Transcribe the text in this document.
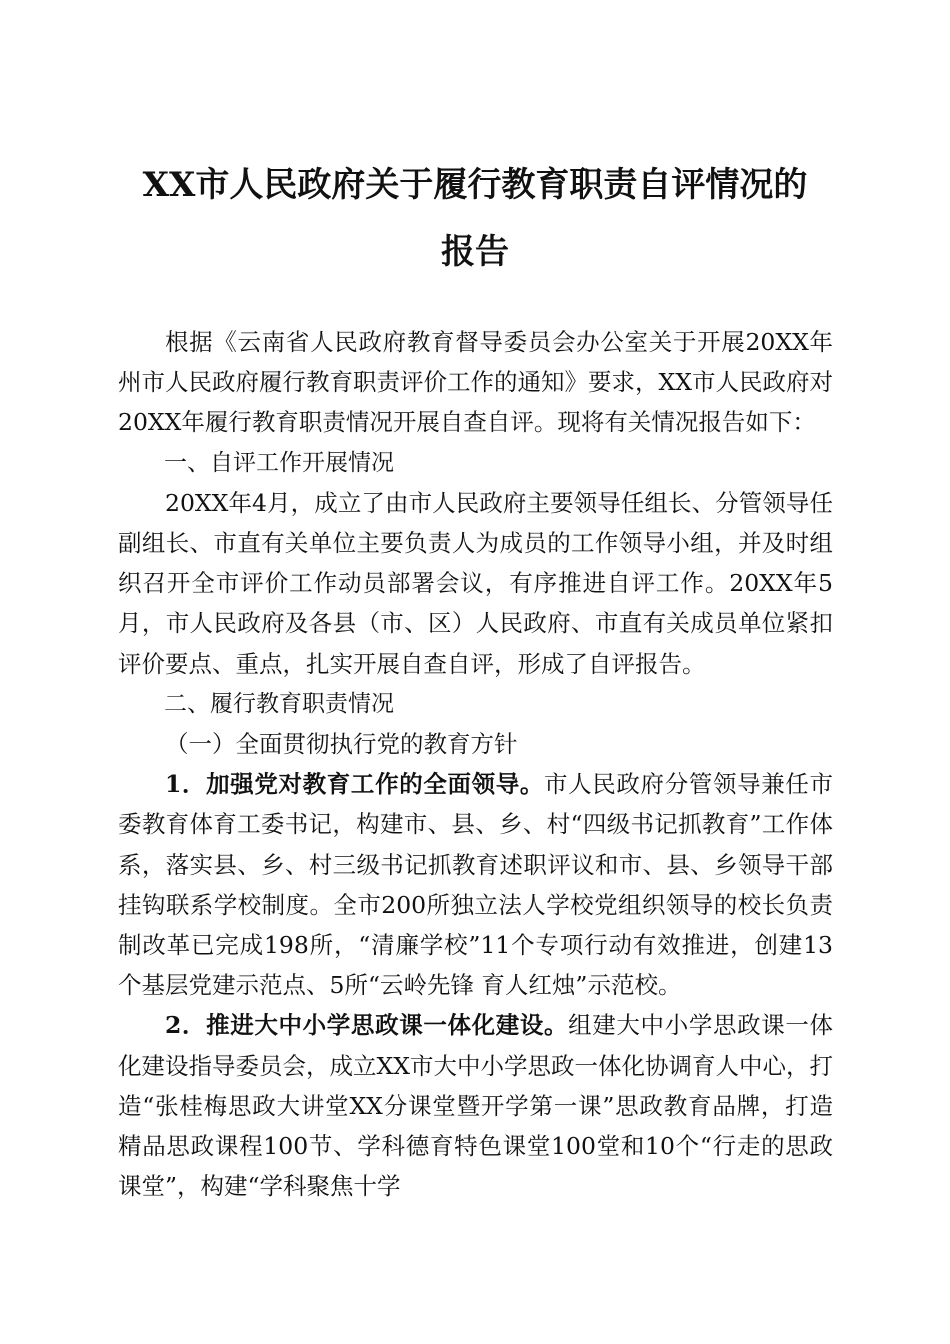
XX市人民政府关于履行教育职责自评情况的
报告

根据《云南省人民政府教育督导委员会办公室关于开展20XX年州市人民政府履行教育职责评价工作的通知》要求，XX市人民政府对20XX年履行教育职责情况开展自查自评。现将有关情况报告如下：

一、自评工作开展情况

20XX年4月，成立了由市人民政府主要领导任组长、分管领导任副组长、市直有关单位主要负责人为成员的工作领导小组，并及时组织召开全市评价工作动员部署会议，有序推进自评工作。20XX年5月，市人民政府及各县（市、区）人民政府、市直有关成员单位紧扣评价要点、重点，扎实开展自查自评，形成了自评报告。

二、履行教育职责情况

（一）全面贯彻执行党的教育方针

1．加强党对教育工作的全面领导。市人民政府分管领导兼任市委教育体育工委书记，构建市、县、乡、村“四级书记抓教育”工作体系，落实县、乡、村三级书记抓教育述职评议和市、县、乡领导干部挂钩联系学校制度。全市200所独立法人学校党组织领导的校长负责制改革已完成198所，“清廉学校”11个专项行动有效推进，创建13个基层党建示范点、5所“云岭先锋 育人红烛”示范校。

2．推进大中小学思政课一体化建设。组建大中小学思政课一体化建设指导委员会，成立XX市大中小学思政一体化协调育人中心，打造“张桂梅思政大讲堂XX分课堂暨开学第一课”思政教育品牌，打造精品思政课程100节、学科德育特色课堂100堂和10个“行走的思政课堂”，构建“学科聚焦十学
